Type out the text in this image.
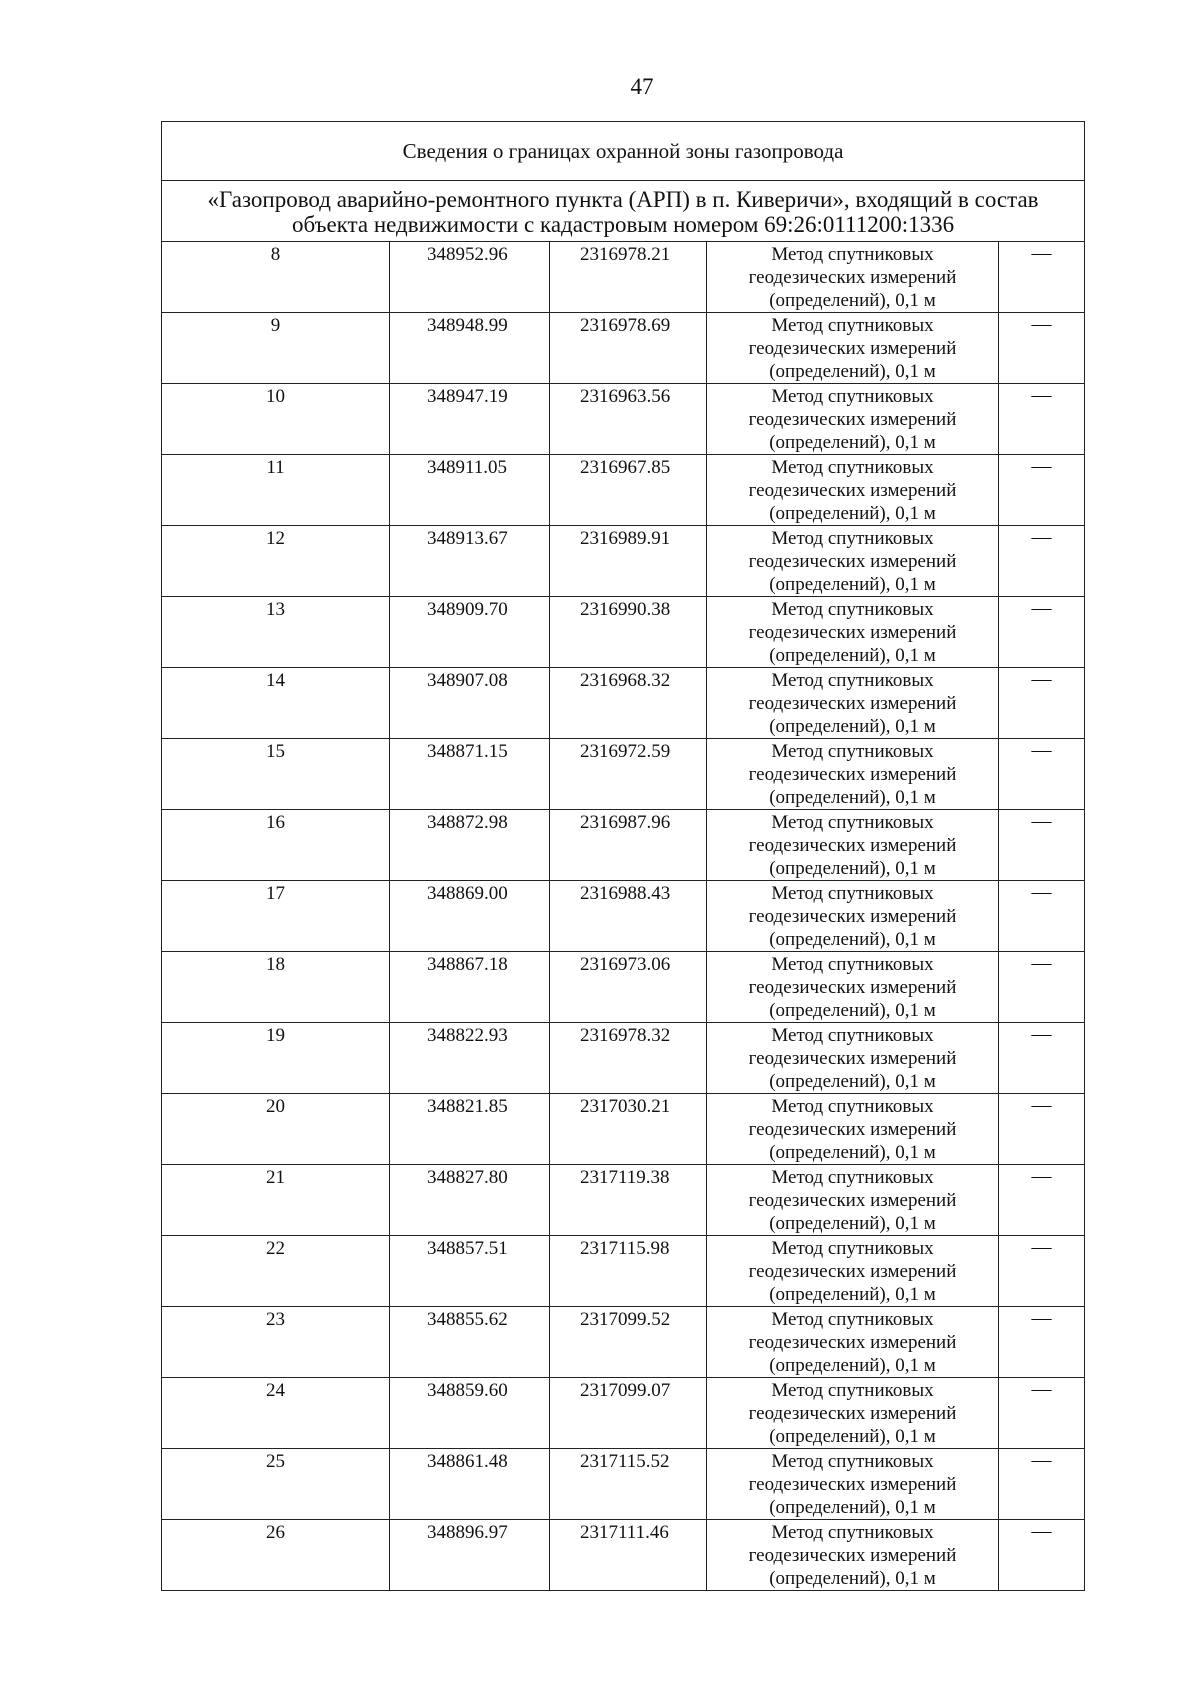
47
Сведения о границах охранной зоны газопровода				
«Газопровод аварийно-ремонтного пункта (АРП) в п. Киверичи», входящий в состав
объекта недвижимости с кадастровым номером 69:26:0111200:1336				
8	348952.96	2316978.21	Метод спутниковых
геодезических измерений
(определений), 0,1 м	—
9	348948.99	2316978.69	Метод спутниковых
геодезических измерений
(определений), 0,1 м	—
10	348947.19	2316963.56	Метод спутниковых
геодезических измерений
(определений), 0,1 м	—
11	348911.05	2316967.85	Метод спутниковых
геодезических измерений
(определений), 0,1 м	—
12	348913.67	2316989.91	Метод спутниковых
геодезических измерений
(определений), 0,1 м	—
13	348909.70	2316990.38	Метод спутниковых
геодезических измерений
(определений), 0,1 м	—
14	348907.08	2316968.32	Метод спутниковых
геодезических измерений
(определений), 0,1 м	—
15	348871.15	2316972.59	Метод спутниковых
геодезических измерений
(определений), 0,1 м	—
16	348872.98	2316987.96	Метод спутниковых
геодезических измерений
(определений), 0,1 м	—
17	348869.00	2316988.43	Метод спутниковых
геодезических измерений
(определений), 0,1 м	—
18	348867.18	2316973.06	Метод спутниковых
геодезических измерений
(определений), 0,1 м	—
19	348822.93	2316978.32	Метод спутниковых
геодезических измерений
(определений), 0,1 м	—
20	348821.85	2317030.21	Метод спутниковых
геодезических измерений
(определений), 0,1 м	—
21	348827.80	2317119.38	Метод спутниковых
геодезических измерений
(определений), 0,1 м	—
22	348857.51	2317115.98	Метод спутниковых
геодезических измерений
(определений), 0,1 м	—
23	348855.62	2317099.52	Метод спутниковых
геодезических измерений
(определений), 0,1 м	—
24	348859.60	2317099.07	Метод спутниковых
геодезических измерений
(определений), 0,1 м	—
25	348861.48	2317115.52	Метод спутниковых
геодезических измерений
(определений), 0,1 м	—
26	348896.97	2317111.46	Метод спутниковых
геодезических измерений
(определений), 0,1 м	—
